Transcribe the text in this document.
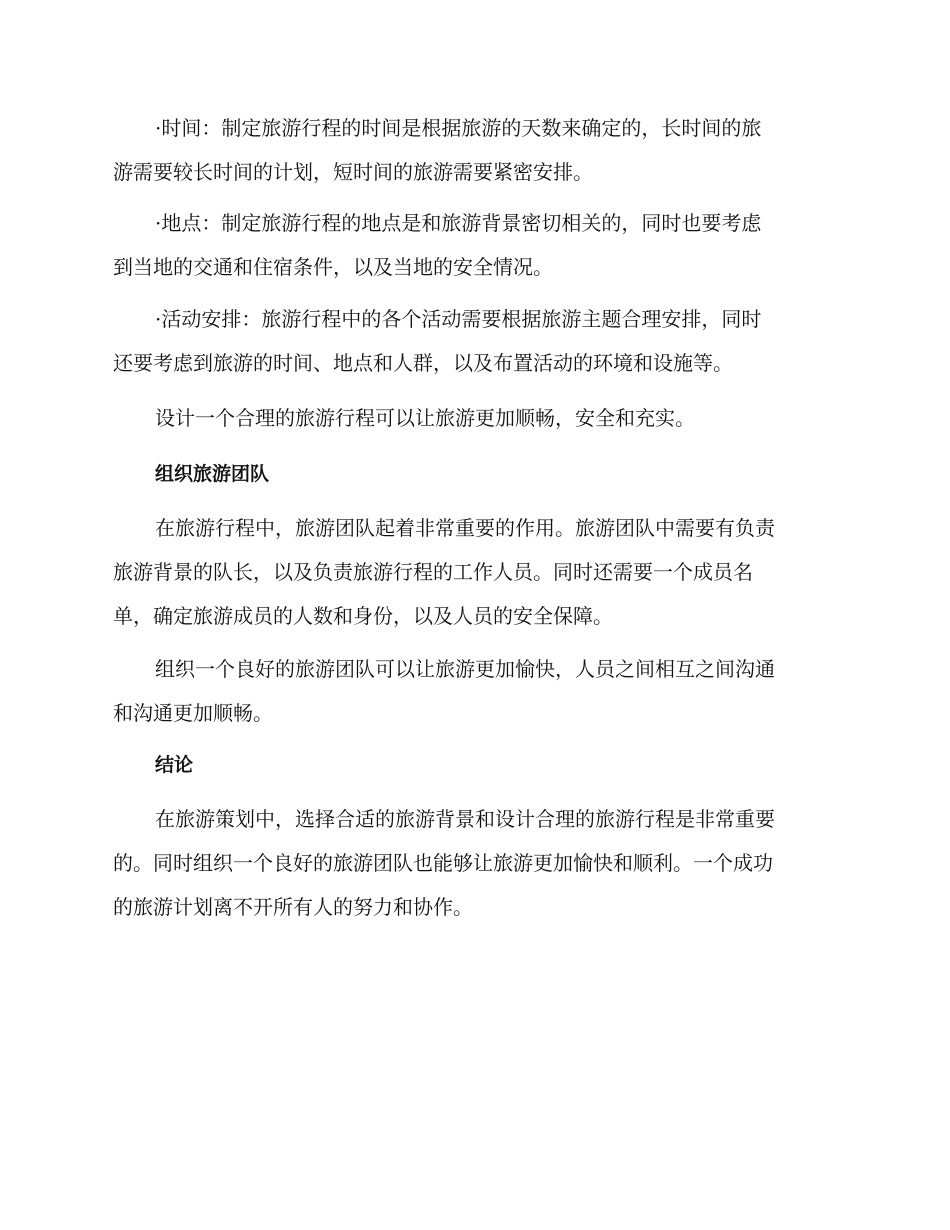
·时间：制定旅游行程的时间是根据旅游的天数来确定的，长时间的旅
游需要较长时间的计划，短时间的旅游需要紧密安排。
·地点：制定旅游行程的地点是和旅游背景密切相关的，同时也要考虑
到当地的交通和住宿条件，以及当地的安全情况。
·活动安排：旅游行程中的各个活动需要根据旅游主题合理安排，同时
还要考虑到旅游的时间、地点和人群，以及布置活动的环境和设施等。
设计一个合理的旅游行程可以让旅游更加顺畅，安全和充实。
组织旅游团队
在旅游行程中，旅游团队起着非常重要的作用。旅游团队中需要有负责
旅游背景的队长，以及负责旅游行程的工作人员。同时还需要一个成员名
单，确定旅游成员的人数和身份，以及人员的安全保障。
组织一个良好的旅游团队可以让旅游更加愉快，人员之间相互之间沟通
和沟通更加顺畅。
结论
在旅游策划中，选择合适的旅游背景和设计合理的旅游行程是非常重要
的。同时组织一个良好的旅游团队也能够让旅游更加愉快和顺利。一个成功
的旅游计划离不开所有人的努力和协作。
